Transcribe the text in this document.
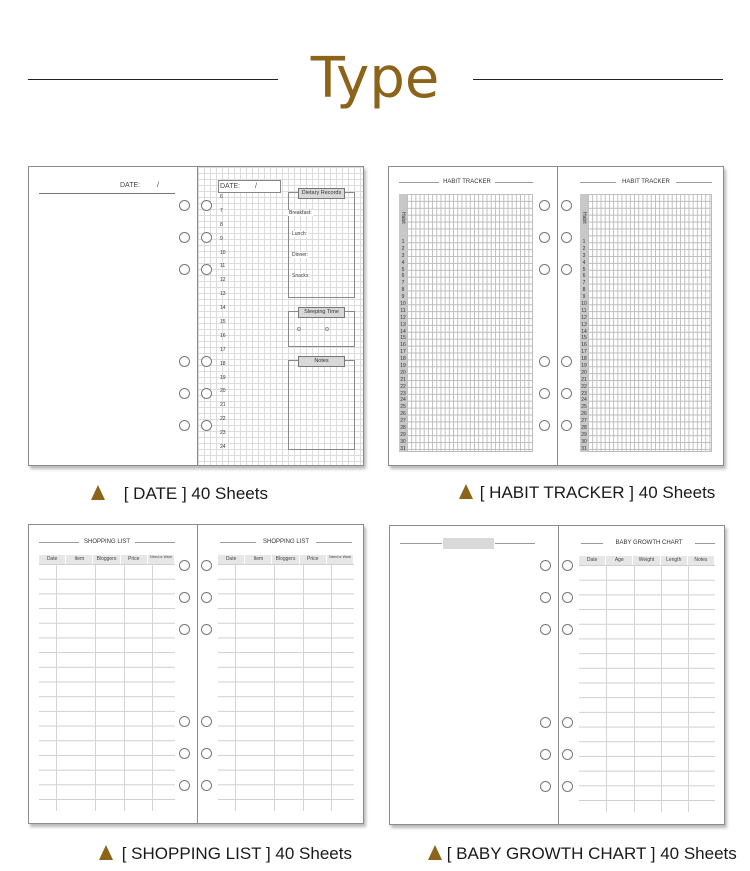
Type
DATE: /	DATE: /
6
7
8
9
10
11
12
13
14
15
16
17
18
19
20
21
22
23
24
Dietary Records
Breakfast:
Lunch:
Dinner:
Snacks:
Sleeping Time
Notes
[ DATE ] 40 Sheets
HABIT TRACKER
Habit
1
2
3
4
5
6
7
8
9
10
11
12
13
14
15
16
17
18
19
20
21
22
23
24
25
26
27
28
29
30
31
HABIT TRACKER
Habit
1
2
3
4
5
6
7
8
9
10
11
12
13
14
15
16
17
18
19
20
21
22
23
24
25
26
27
28
29
30
31
[ HABIT TRACKER ] 40 Sheets
SHOPPING LIST
Date	Item	Bloggers	Price	Need or Want
SHOPPING LIST
Date	Item	Bloggers	Price	Need or Want
[ SHOPPING LIST ] 40 Sheets
BABY GROWTH CHART
Date	Age	Weight	Length	Notes
[ BABY GROWTH CHART ] 40 Sheets
